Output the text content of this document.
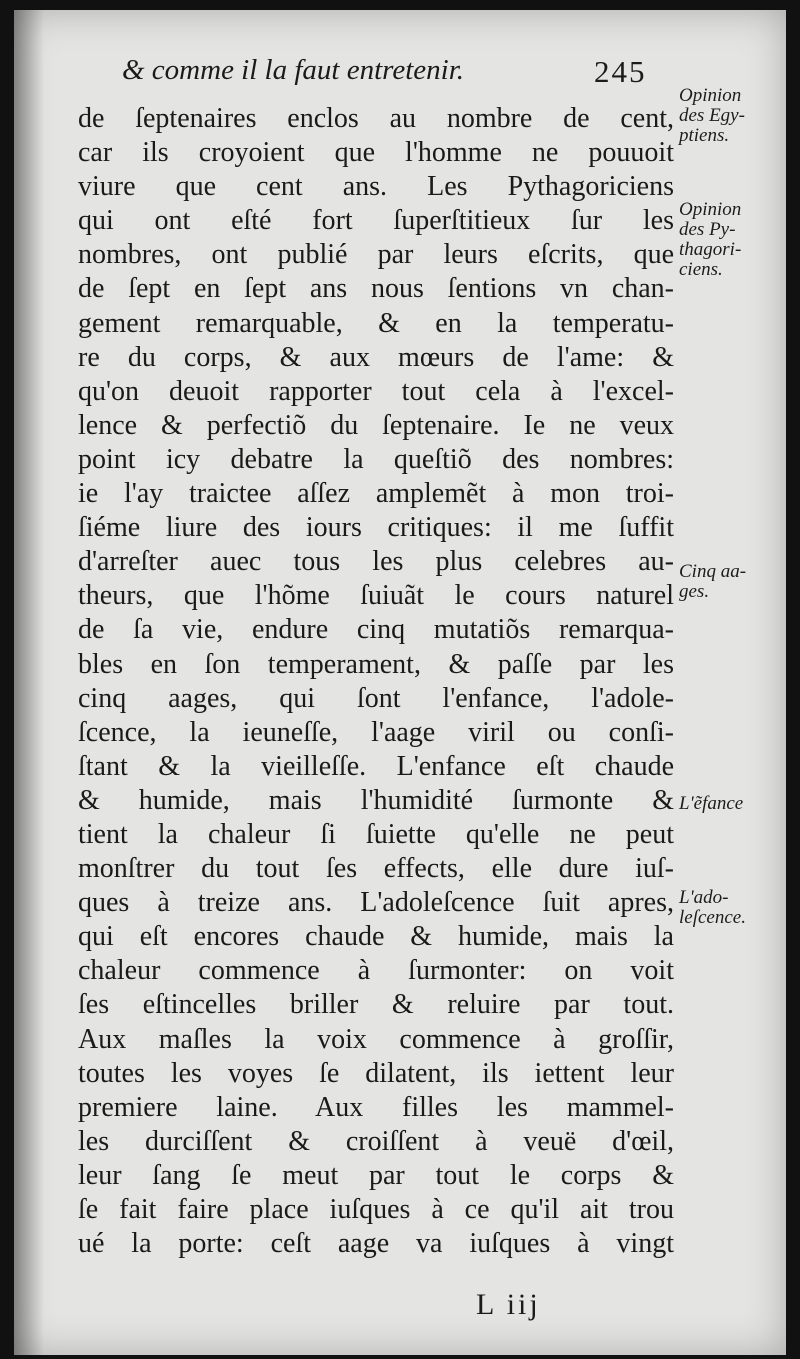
& comme il la faut entretenir.	245
de ſeptenaires enclos au nombre de cent,
car ils croyoient que l'homme ne pouuoit
viure que cent ans. Les Pythagoriciens
qui ont eſté fort ſuperſtitieux ſur les
nombres, ont publié par leurs eſcrits, que
de ſept en ſept ans nous ſentions vn chan-
gement remarquable, & en la temperatu-
re du corps, & aux mœurs de l'ame: &
qu'on deuoit rapporter tout cela à l'excel-
lence & perfectiõ du ſeptenaire. Ie ne veux
point icy debatre la queſtiõ des nombres:
ie l'ay traictee aſſez amplemẽt à mon troi-
ſiéme liure des iours critiques: il me ſuffit
d'arreſter auec tous les plus celebres au-
theurs, que l'hõme ſuiuãt le cours naturel
de ſa vie, endure cinq mutatiõs remarqua-
bles en ſon temperament, & paſſe par les
cinq aages, qui ſont l'enfance, l'adole-
ſcence, la ieuneſſe, l'aage viril ou conſi-
ſtant & la vieilleſſe. L'enfance eſt chaude
& humide, mais l'humidité ſurmonte &
tient la chaleur ſi ſuiette qu'elle ne peut
monſtrer du tout ſes effects, elle dure iuſ-
ques à treize ans. L'adoleſcence ſuit apres,
qui eſt encores chaude & humide, mais la
chaleur commence à ſurmonter: on voit
ſes eſtincelles briller & reluire par tout.
Aux maſles la voix commence à groſſir,
toutes les voyes ſe dilatent, ils iettent leur
premiere laine. Aux filles les mammel-
les durciſſent & croiſſent à veuë d'œil,
leur ſang ſe meut par tout le corps &
ſe fait faire place iuſques à ce qu'il ait trou
ué la porte: ceſt aage va iuſques à vingt
Opinion
des Egy-
ptiens.
Opinion
des Py-
thagori-
ciens.
Cinq aa-
ges.
L'ẽfance
L'ado-
leſcence.
L iij
